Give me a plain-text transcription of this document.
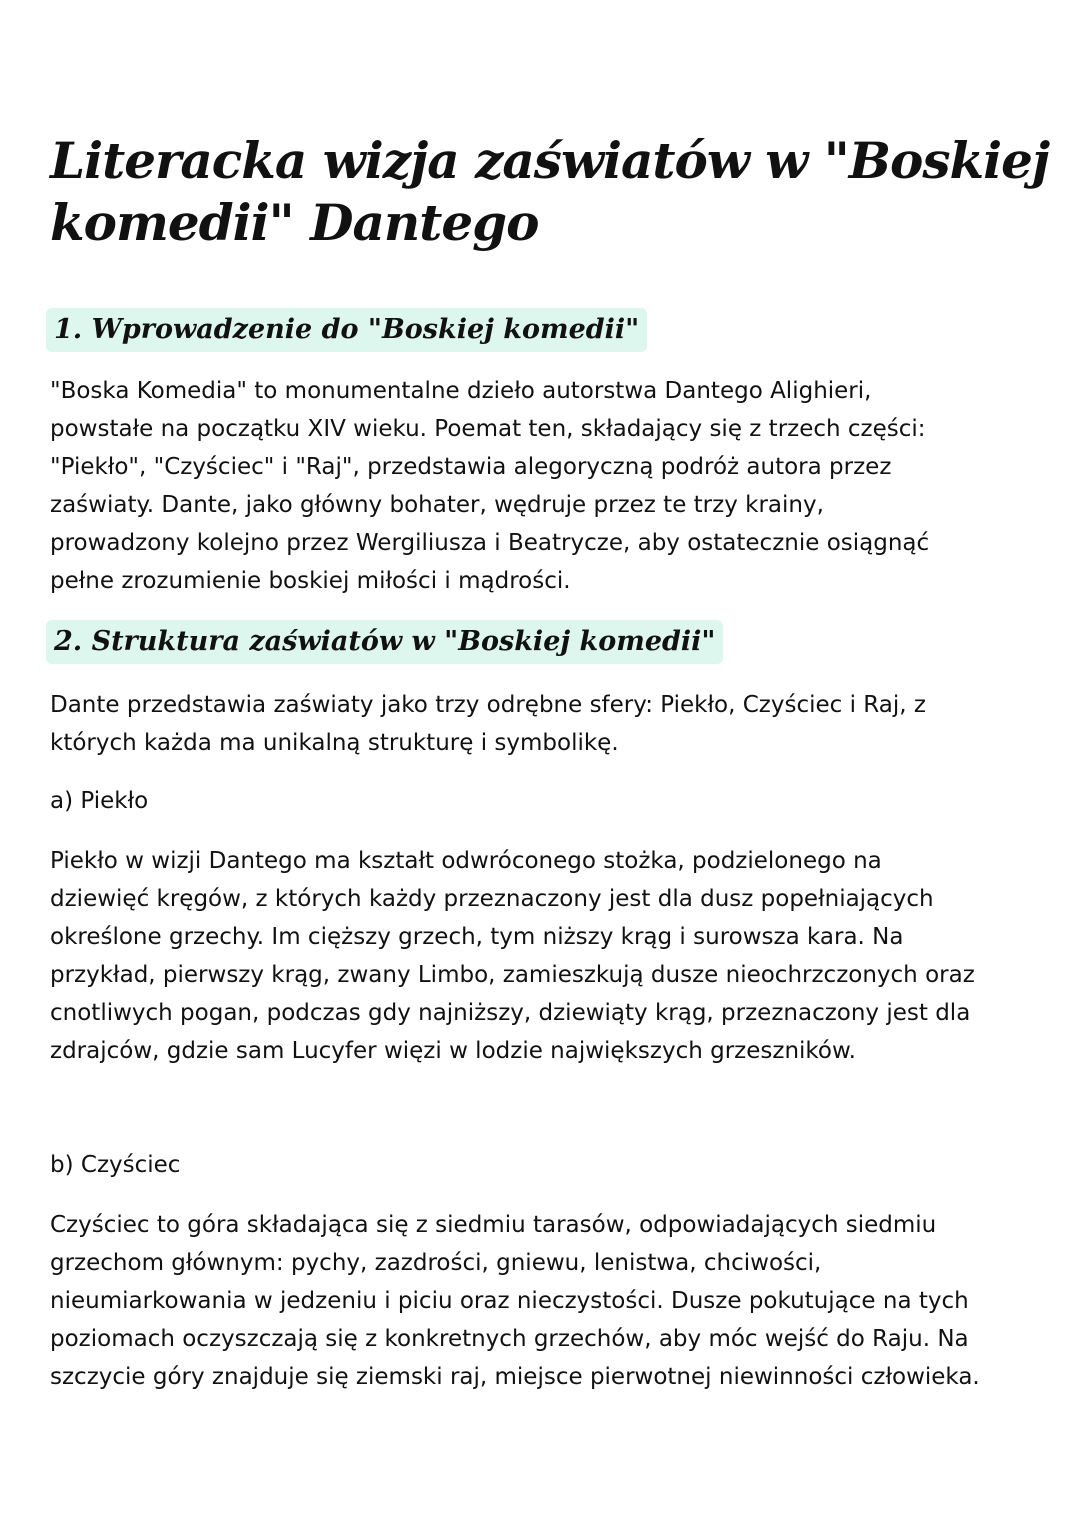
Literacka wizja zaświatów w "Boskiej
komedii" Dantego
1. Wprowadzenie do "Boskiej komedii"
"Boska Komedia" to monumentalne dzieło autorstwa Dantego Alighieri,
powstałe na początku XIV wieku. Poemat ten, składający się z trzech części:
"Piekło", "Czyściec" i "Raj", przedstawia alegoryczną podróż autora przez
zaświaty. Dante, jako główny bohater, wędruje przez te trzy krainy,
prowadzony kolejno przez Wergiliusza i Beatrycze, aby ostatecznie osiągnąć
pełne zrozumienie boskiej miłości i mądrości.
2. Struktura zaświatów w "Boskiej komedii"
Dante przedstawia zaświaty jako trzy odrębne sfery: Piekło, Czyściec i Raj, z
których każda ma unikalną strukturę i symbolikę.
a) Piekło
Piekło w wizji Dantego ma kształt odwróconego stożka, podzielonego na
dziewięć kręgów, z których każdy przeznaczony jest dla dusz popełniających
określone grzechy. Im cięższy grzech, tym niższy krąg i surowsza kara. Na
przykład, pierwszy krąg, zwany Limbo, zamieszkują dusze nieochrzczonych oraz
cnotliwych pogan, podczas gdy najniższy, dziewiąty krąg, przeznaczony jest dla
zdrajców, gdzie sam Lucyfer więzi w lodzie największych grzeszników.
b) Czyściec
Czyściec to góra składająca się z siedmiu tarasów, odpowiadających siedmiu
grzechom głównym: pychy, zazdrości, gniewu, lenistwa, chciwości,
nieumiarkowania w jedzeniu i piciu oraz nieczystości. Dusze pokutujące na tych
poziomach oczyszczają się z konkretnych grzechów, aby móc wejść do Raju. Na
szczycie góry znajduje się ziemski raj, miejsce pierwotnej niewinności człowieka.
